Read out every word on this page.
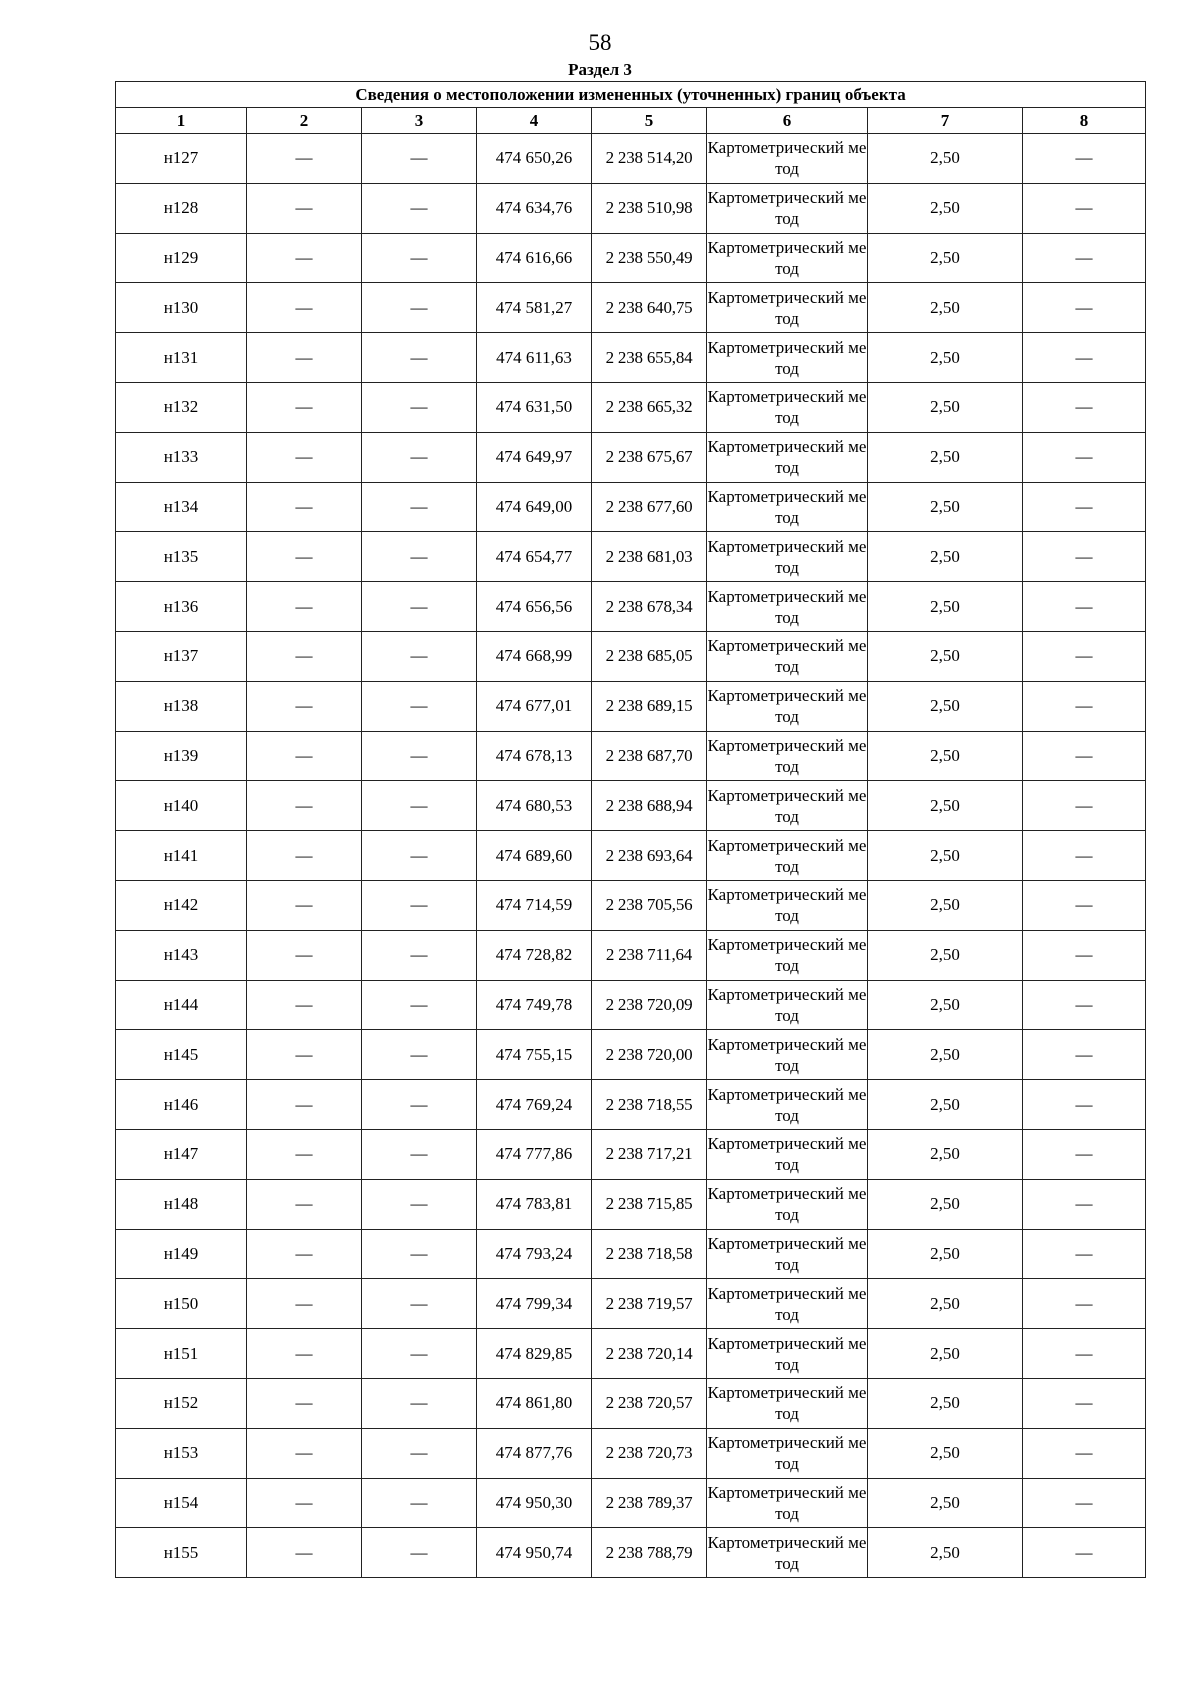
58
Раздел 3
Сведения о местоположении измененных (уточненных) границ объекта							
1	2	3	4	5	6	7	8
н127	—	—	474 650,26	2 238 514,20	Картометрический метод	2,50	—
н128	—	—	474 634,76	2 238 510,98	Картометрический метод	2,50	—
н129	—	—	474 616,66	2 238 550,49	Картометрический метод	2,50	—
н130	—	—	474 581,27	2 238 640,75	Картометрический метод	2,50	—
н131	—	—	474 611,63	2 238 655,84	Картометрический метод	2,50	—
н132	—	—	474 631,50	2 238 665,32	Картометрический метод	2,50	—
н133	—	—	474 649,97	2 238 675,67	Картометрический метод	2,50	—
н134	—	—	474 649,00	2 238 677,60	Картометрический метод	2,50	—
н135	—	—	474 654,77	2 238 681,03	Картометрический метод	2,50	—
н136	—	—	474 656,56	2 238 678,34	Картометрический метод	2,50	—
н137	—	—	474 668,99	2 238 685,05	Картометрический метод	2,50	—
н138	—	—	474 677,01	2 238 689,15	Картометрический метод	2,50	—
н139	—	—	474 678,13	2 238 687,70	Картометрический метод	2,50	—
н140	—	—	474 680,53	2 238 688,94	Картометрический метод	2,50	—
н141	—	—	474 689,60	2 238 693,64	Картометрический метод	2,50	—
н142	—	—	474 714,59	2 238 705,56	Картометрический метод	2,50	—
н143	—	—	474 728,82	2 238 711,64	Картометрический метод	2,50	—
н144	—	—	474 749,78	2 238 720,09	Картометрический метод	2,50	—
н145	—	—	474 755,15	2 238 720,00	Картометрический метод	2,50	—
н146	—	—	474 769,24	2 238 718,55	Картометрический метод	2,50	—
н147	—	—	474 777,86	2 238 717,21	Картометрический метод	2,50	—
н148	—	—	474 783,81	2 238 715,85	Картометрический метод	2,50	—
н149	—	—	474 793,24	2 238 718,58	Картометрический метод	2,50	—
н150	—	—	474 799,34	2 238 719,57	Картометрический метод	2,50	—
н151	—	—	474 829,85	2 238 720,14	Картометрический метод	2,50	—
н152	—	—	474 861,80	2 238 720,57	Картометрический метод	2,50	—
н153	—	—	474 877,76	2 238 720,73	Картометрический метод	2,50	—
н154	—	—	474 950,30	2 238 789,37	Картометрический метод	2,50	—
н155	—	—	474 950,74	2 238 788,79	Картометрический метод	2,50	—
